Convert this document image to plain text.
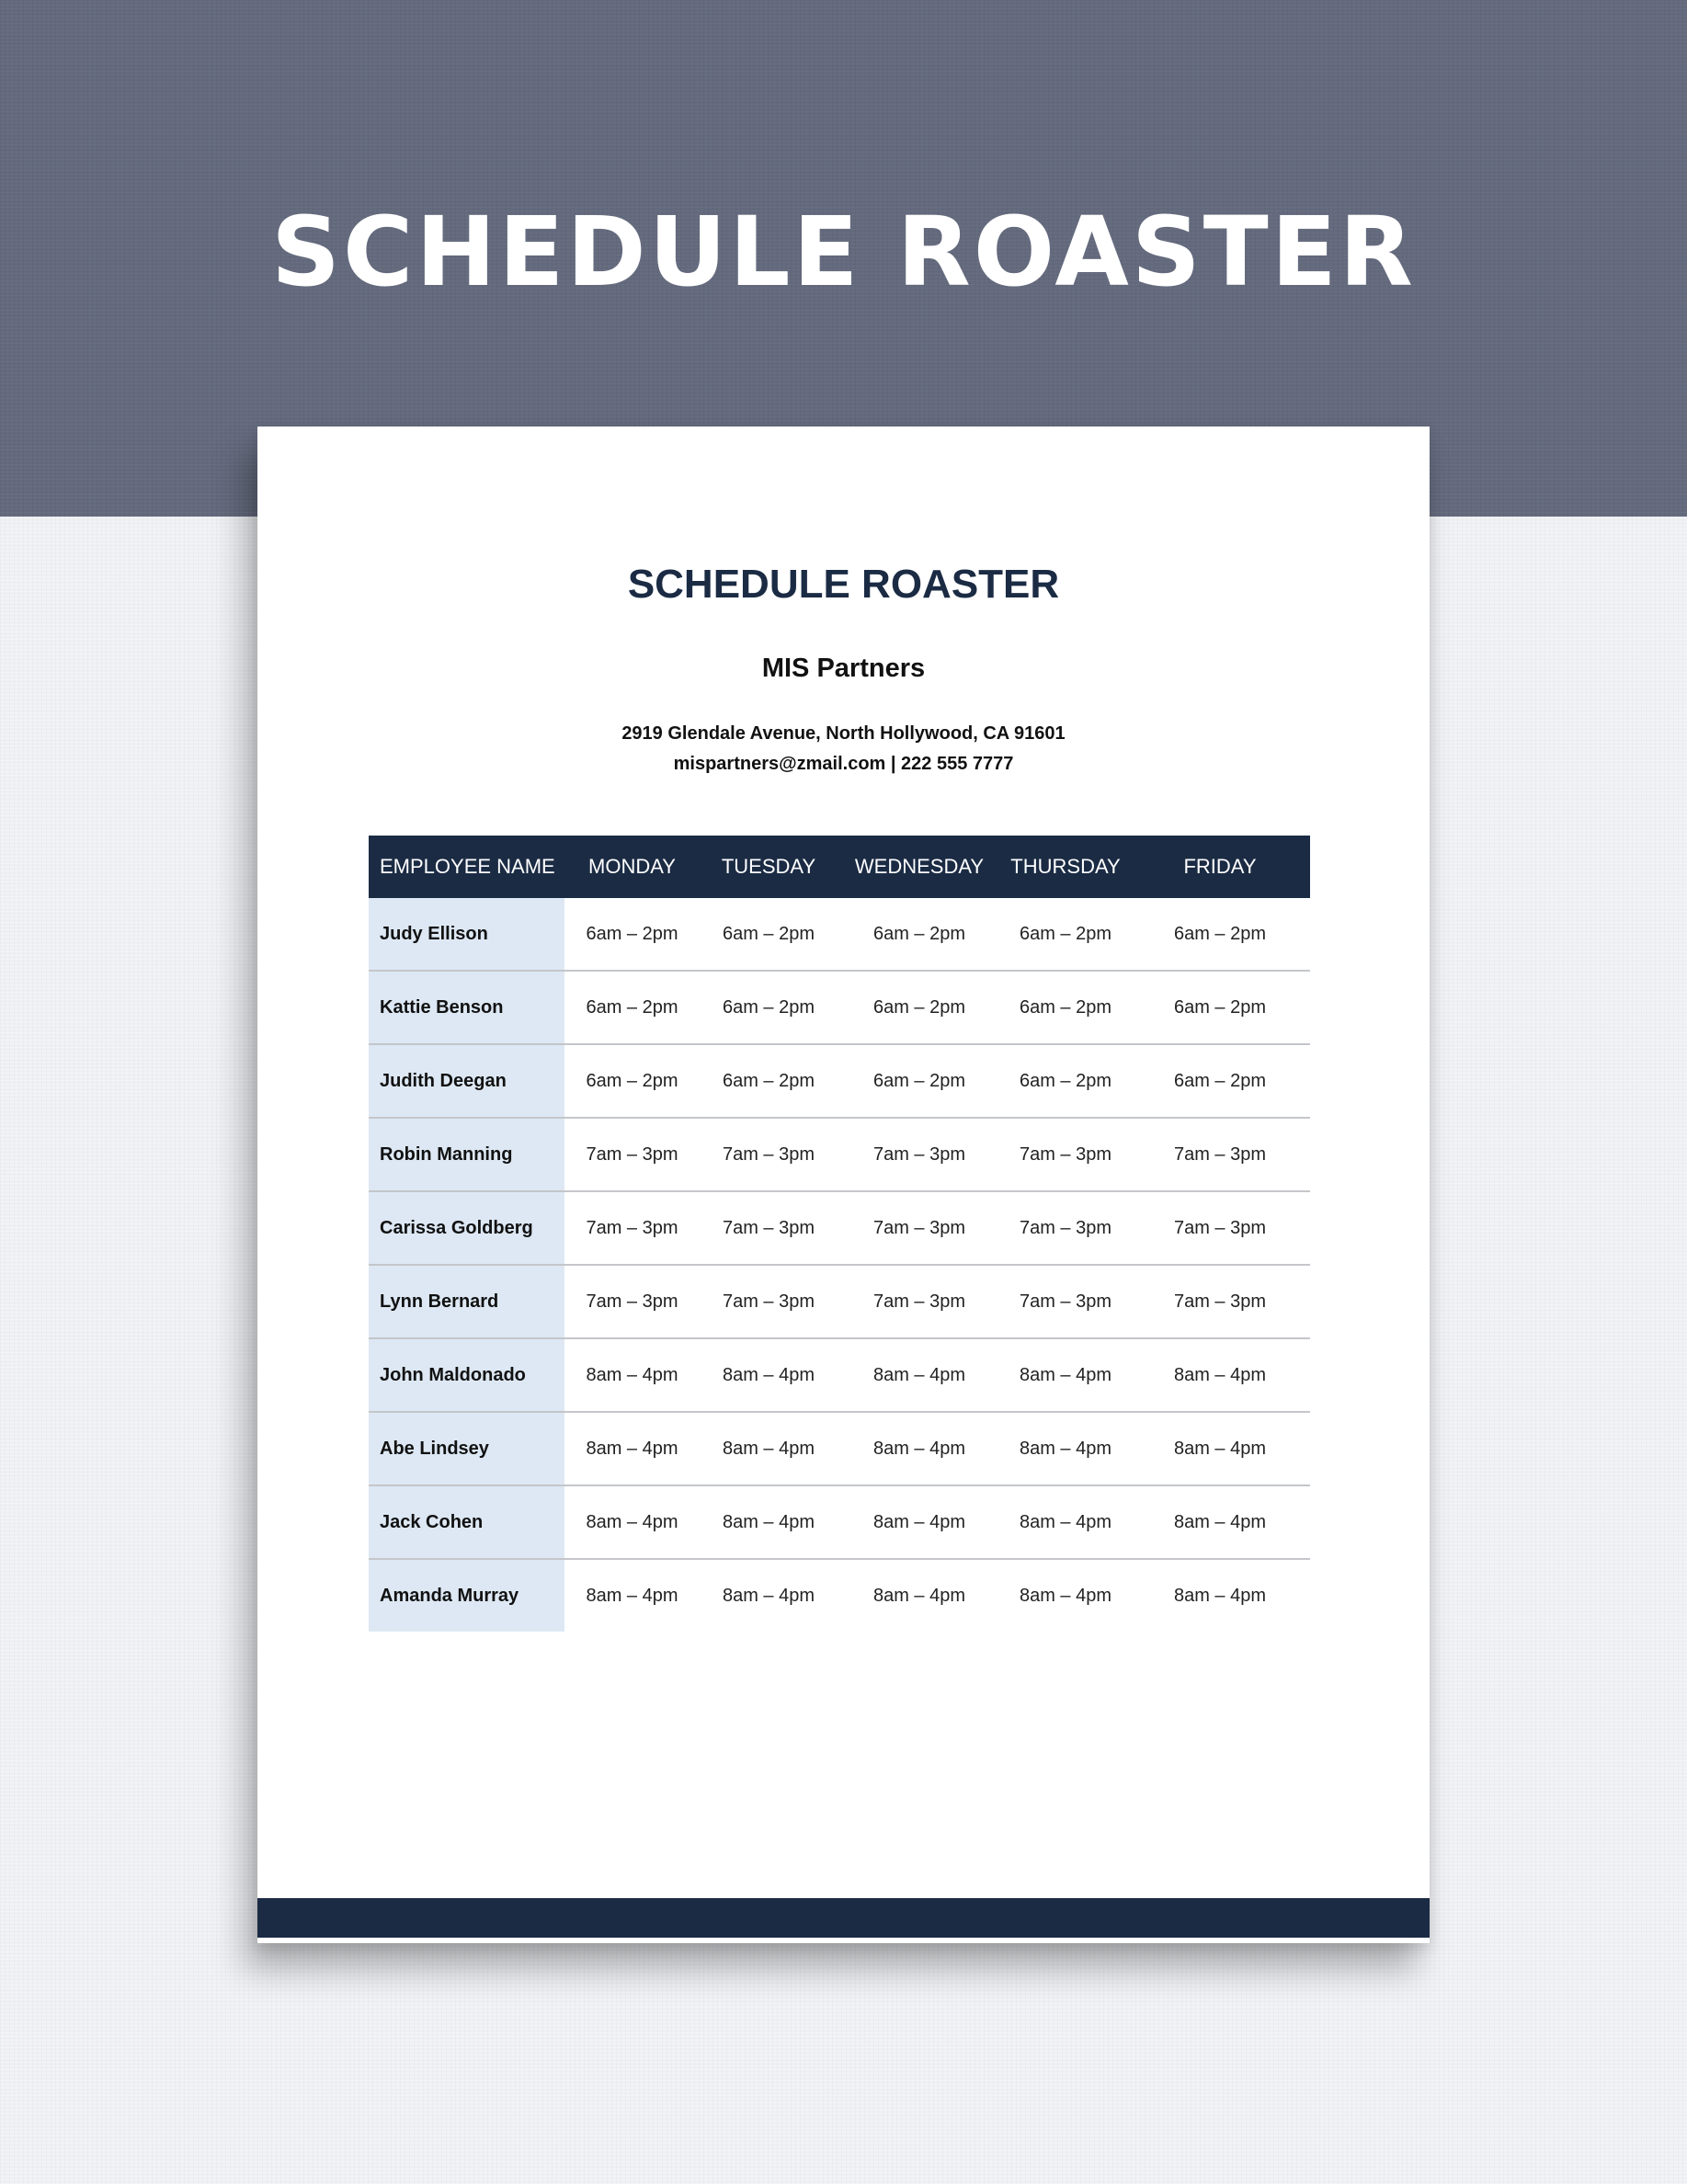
SCHEDULE ROASTER
SCHEDULE ROASTER
MIS Partners
2919 Glendale Avenue, North Hollywood, CA 91601
mispartners@zmail.com | 222 555 7777
EMPLOYEE NAME	MONDAY	TUESDAY	WEDNESDAY	THURSDAY	FRIDAY
Judy Ellison	6am – 2pm	6am – 2pm	6am – 2pm	6am – 2pm	6am – 2pm
Kattie Benson	6am – 2pm	6am – 2pm	6am – 2pm	6am – 2pm	6am – 2pm
Judith Deegan	6am – 2pm	6am – 2pm	6am – 2pm	6am – 2pm	6am – 2pm
Robin Manning	7am – 3pm	7am – 3pm	7am – 3pm	7am – 3pm	7am – 3pm
Carissa Goldberg	7am – 3pm	7am – 3pm	7am – 3pm	7am – 3pm	7am – 3pm
Lynn Bernard	7am – 3pm	7am – 3pm	7am – 3pm	7am – 3pm	7am – 3pm
John Maldonado	8am – 4pm	8am – 4pm	8am – 4pm	8am – 4pm	8am – 4pm
Abe Lindsey	8am – 4pm	8am – 4pm	8am – 4pm	8am – 4pm	8am – 4pm
Jack Cohen	8am – 4pm	8am – 4pm	8am – 4pm	8am – 4pm	8am – 4pm
Amanda Murray	8am – 4pm	8am – 4pm	8am – 4pm	8am – 4pm	8am – 4pm
